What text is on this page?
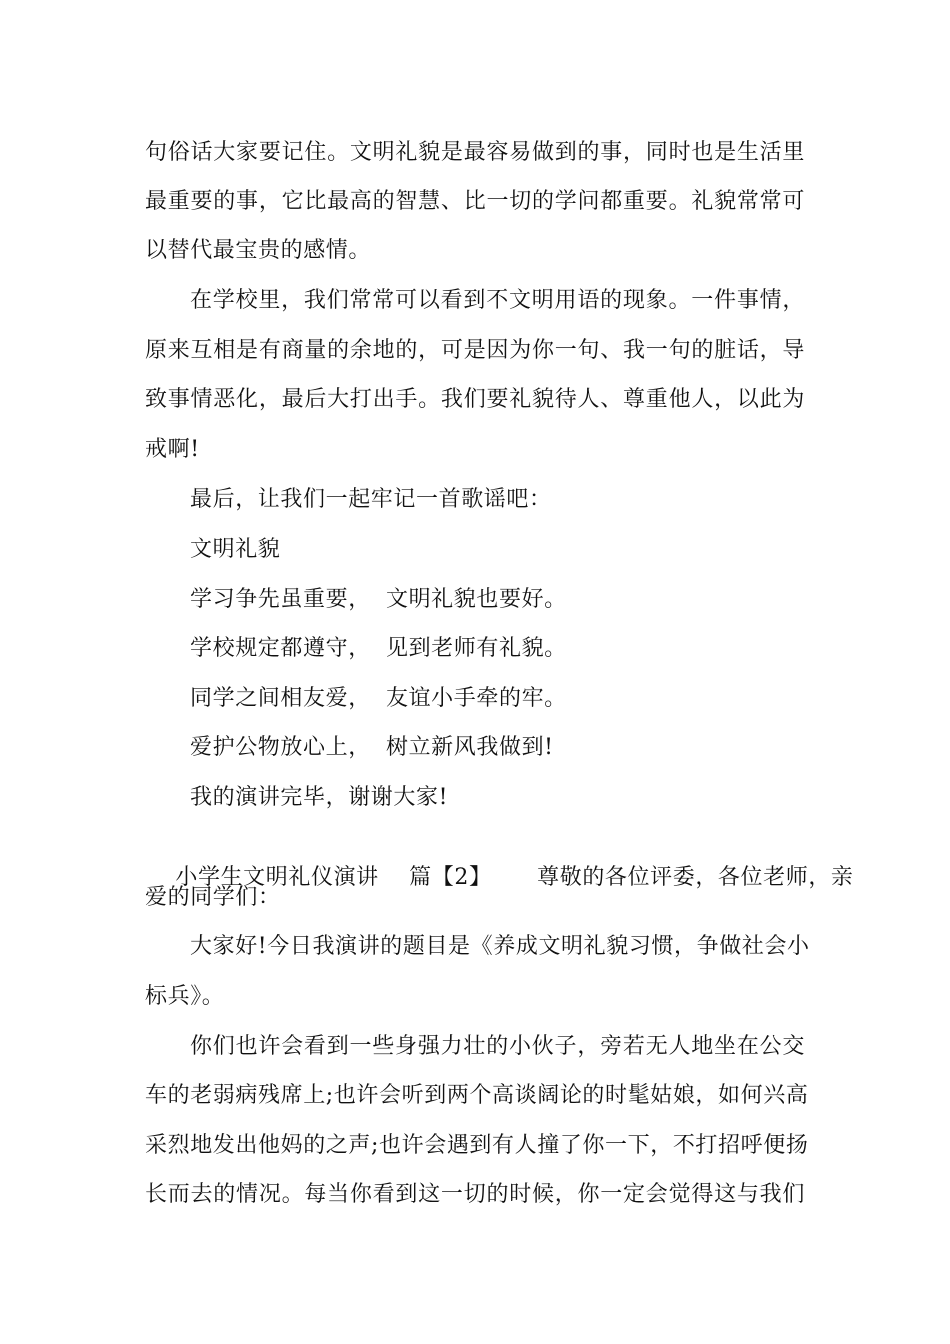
句俗话大家要记住。文明礼貌是最容易做到的事，同时也是生活里
最重要的事，它比最高的智慧、比一切的学问都重要。礼貌常常可
以替代最宝贵的感情。
在学校里，我们常常可以看到不文明用语的现象。一件事情，
原来互相是有商量的余地的，可是因为你一句、我一句的脏话，导
致事情恶化，最后大打出手。我们要礼貌待人、尊重他人，以此为
戒啊!
最后，让我们一起牢记一首歌谣吧：
文明礼貌
学习争先虽重要，  文明礼貌也要好。
学校规定都遵守，  见到老师有礼貌。
同学之间相友爱，  友谊小手牵的牢。
爱护公物放心上，  树立新风我做到!
我的演讲完毕，谢谢大家!

小学生文明礼仪演讲 篇【2】 尊敬的各位评委，各位老师，亲

爱的同学们：
大家好!今日我演讲的题目是《养成文明礼貌习惯，争做社会小
标兵》。
你们也许会看到一些身强力壮的小伙子，旁若无人地坐在公交
车的老弱病残席上;也许会听到两个高谈阔论的时髦姑娘，如何兴高
采烈地发出他妈的之声;也许会遇到有人撞了你一下，不打招呼便扬
长而去的情况。每当你看到这一切的时候，你一定会觉得这与我们
